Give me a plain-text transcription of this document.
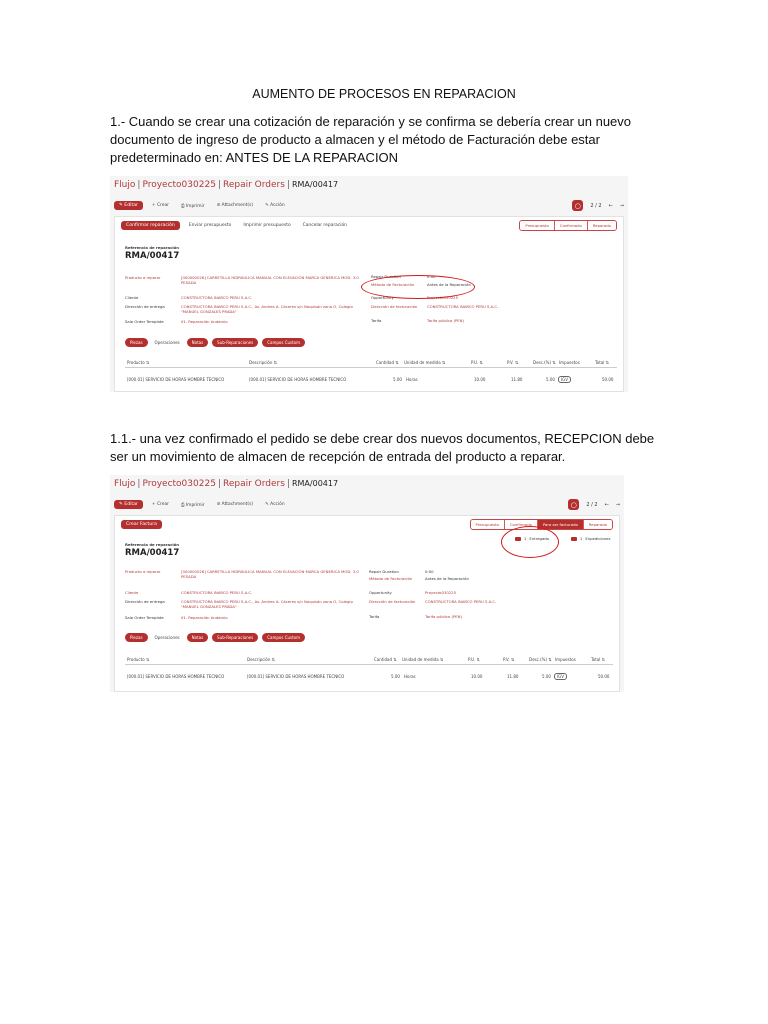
AUMENTO DE PROCESOS EN REPARACION
1.- Cuando se crear una cotización de reparación y se confirma se debería crear un nuevo documento de ingreso de producto a almacen y el método de Facturación debe estar predeterminado en: ANTES DE LA REPARACION
Flujo | Proyecto030225 | Repair Orders | RMA/00417
✎ Editar	+ Crear	⎙ Imprimir	⊘ Attachment(s)	✎ Acción	○	2 / 2 ← →
Confirmar reparación	Enviar presupuesto	Imprimir presupuesto	Cancelar reparación	Presupuesto	Confirmado	Reparado
Referencia de reparación
RMA/00417
Producto a reparar	[000000026] CARRETILLA HIDRÁULICA MANUAL CON ELEVACIÓN MARCA GENERICA MOD. 3.0 PESADA
Cliente	CONSTRUCTORA INARCO PERU S.A.C.
Dirección de entrega	CONSTRUCTORA INARCO PERU S.A.C., Av. Andres A. Cáceres s/n Noquisán zona O, Colegio "MANUEL GONZALES PRADA"
Sale Order Template	01. Reparación Andamio
Repair Duration	0:00
Método de Facturación	Antes de la Reparación
Opportunity	Proyecto030225
Dirección de facturación	CONSTRUCTORA INARCO PERU S.A.C.
Tarifa	Tarifa pública (PEN)
Piezas	Operaciones	Notas	Sub-Reparaciones	Campos Custom
Producto ⇅	Descripción ⇅	Cantidad ⇅ Unidad de medida ⇅	P.U. ⇅	P.V. ⇅	Desc.(%) ⇅ Impuestos	Total ⇅
[000.01] SERVICIO DE HORAS HOMBRE TECNICO	[000.01] SERVICIO DE HORAS HOMBRE TECNICO	5.00 Horas	10.00	11.80	5.00	IGV	50.00
1.1.- una vez confirmado el pedido se debe crear dos nuevos documentos, RECEPCION debe ser un movimiento de almacen de recepción de entrada del producto a reparar.
Flujo | Proyecto030225 | Repair Orders | RMA/00417
✎ Editar	+ Crear	⎙ Imprimir	⊘ Attachment(s)	✎ Acción	○	2 / 2 ← →
Crear Factura	Presupuesto	Confirmado	Para ser facturado	Reparado
1 Entregado	1 Expediciones
Referencia de reparación
RMA/00417
Producto a reparar	[000000026] CARRETILLA HIDRÁULICA MANUAL CON ELEVACIÓN MARCA GENERICA MOD. 3.0 PESADA
Cliente	CONSTRUCTORA INARCO PERU S.A.C.
Dirección de entrega	CONSTRUCTORA INARCO PERU S.A.C., Av. Andres A. Cáceres s/n Noquisán zona O, Colegio "MANUEL GONZALES PRADA"
Sale Order Template	01. Reparación Andamio
Repair Duration	0:00
Método de Facturación	Antes de la Reparación
Opportunity	Proyecto030225
Dirección de facturación	CONSTRUCTORA INARCO PERU S.A.C.
Tarifa	Tarifa pública (PEN)
Piezas	Operaciones	Notas	Sub-Reparaciones	Campos Custom
Producto ⇅	Descripción ⇅	Cantidad ⇅ Unidad de medida ⇅	P.U. ⇅	P.V. ⇅	Desc.(%) ⇅ Impuestos	Total ⇅
[000.01] SERVICIO DE HORAS HOMBRE TECNICO	[000.01] SERVICIO DE HORAS HOMBRE TECNICO	5.00 Horas	10.00	11.80	5.00	IGV	50.00
